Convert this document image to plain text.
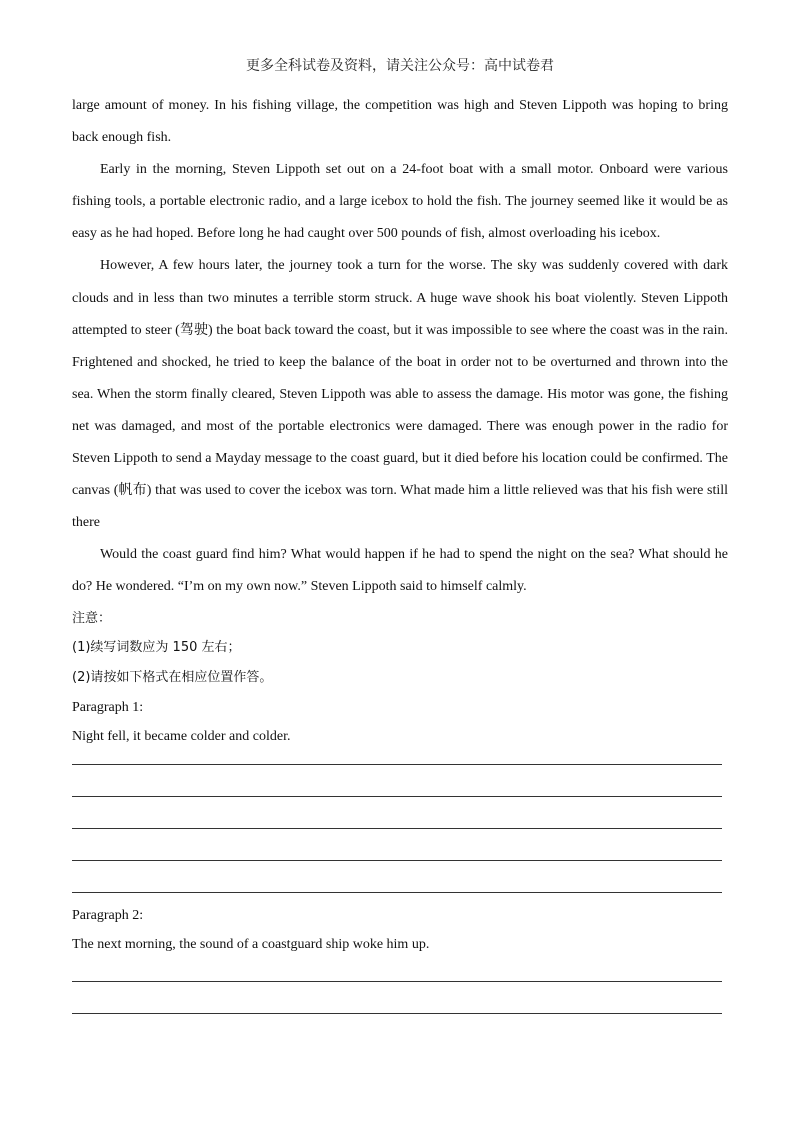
更多全科试卷及资料，请关注公众号：高中试卷君

large amount of money. In his fishing village, the competition was high and Steven Lippoth was hoping to bring back enough fish.

Early in the morning, Steven Lippoth set out on a 24-foot boat with a small motor. Onboard were various fishing tools, a portable electronic radio, and a large icebox to hold the fish. The journey seemed like it would be as easy as he had hoped. Before long he had caught over 500 pounds of fish, almost overloading his icebox.

However, A few hours later, the journey took a turn for the worse. The sky was suddenly covered with dark clouds and in less than two minutes a terrible storm struck. A huge wave shook his boat violently. Steven Lippoth attempted to steer (驾驶) the boat back toward the coast, but it was impossible to see where the coast was in the rain. Frightened and shocked, he tried to keep the balance of the boat in order not to be overturned and thrown into the sea. When the storm finally cleared, Steven Lippoth was able to assess the damage. His motor was gone, the fishing net was damaged, and most of the portable electronics were damaged. There was enough power in the radio for Steven Lippoth to send a Mayday message to the coast guard, but it died before his location could be confirmed. The canvas (帆布) that was used to cover the icebox was torn. What made him a little relieved was that his fish were still there

Would the coast guard find him? What would happen if he had to spend the night on the sea? What should he do? He wondered. “I’m on my own now.” Steven Lippoth said to himself calmly.

注意：

(1)续写词数应为 150 左右；

(2)请按如下格式在相应位置作答。

Paragraph 1:

Night fell, it became colder and colder.

Paragraph 2:
The next morning, the sound of a coastguard ship woke him up.
